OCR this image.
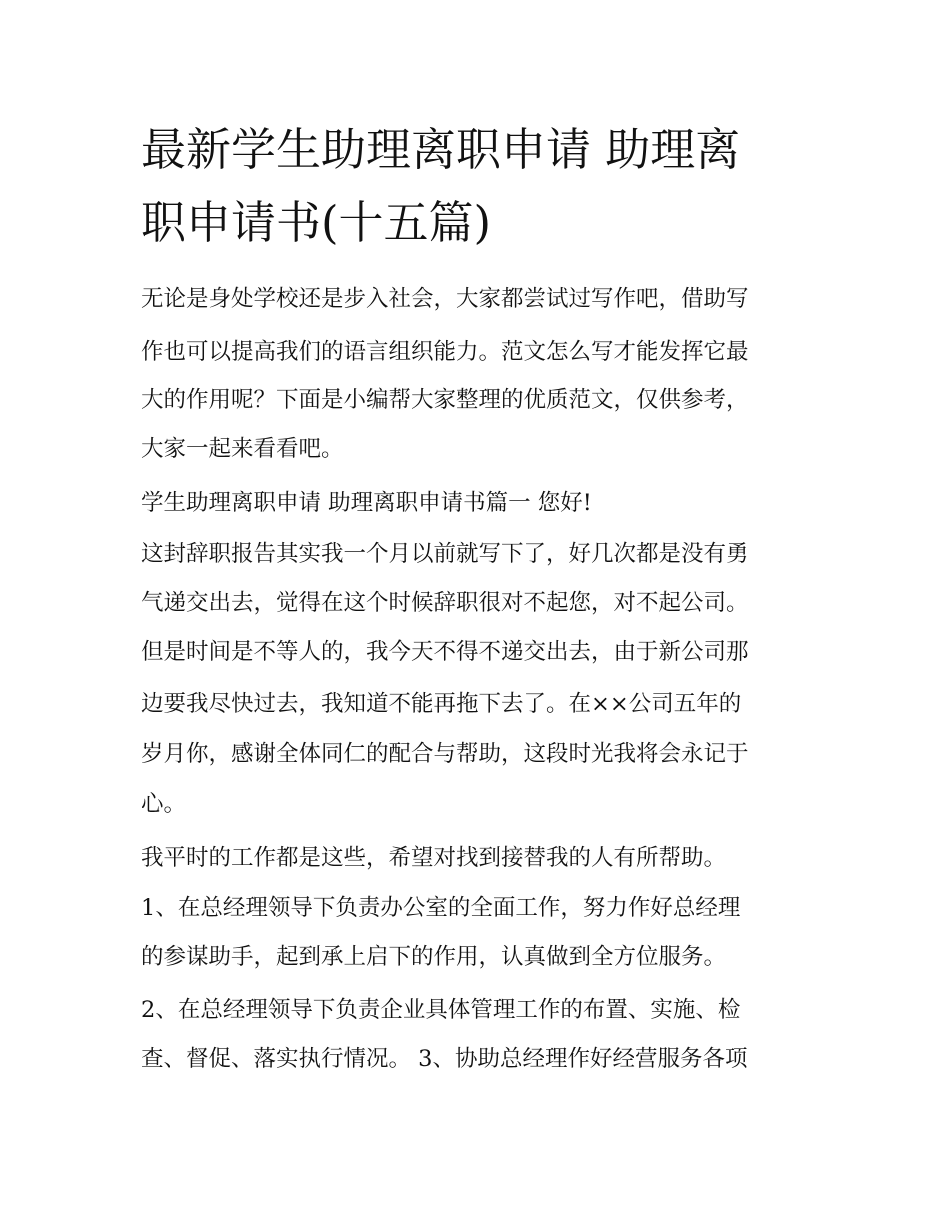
最新学生助理离职申请 助理离
职申请书(十五篇)

无论是身处学校还是步入社会，大家都尝试过写作吧，借助写

作也可以提高我们的语言组织能力。范文怎么写才能发挥它最

大的作用呢？下面是小编帮大家整理的优质范文，仅供参考，

大家一起来看看吧。

学生助理离职申请 助理离职申请书篇一 您好!

这封辞职报告其实我一个月以前就写下了，好几次都是没有勇

气递交出去，觉得在这个时候辞职很对不起您，对不起公司。

但是时间是不等人的，我今天不得不递交出去，由于新公司那

边要我尽快过去，我知道不能再拖下去了。在××公司五年的

岁月你，感谢全体同仁的配合与帮助，这段时光我将会永记于

心。

我平时的工作都是这些，希望对找到接替我的人有所帮助。

1、在总经理领导下负责办公室的全面工作，努力作好总经理

的参谋助手，起到承上启下的作用，认真做到全方位服务。

2、在总经理领导下负责企业具体管理工作的布置、实施、检

查、督促、落实执行情况。 3、协助总经理作好经营服务各项
